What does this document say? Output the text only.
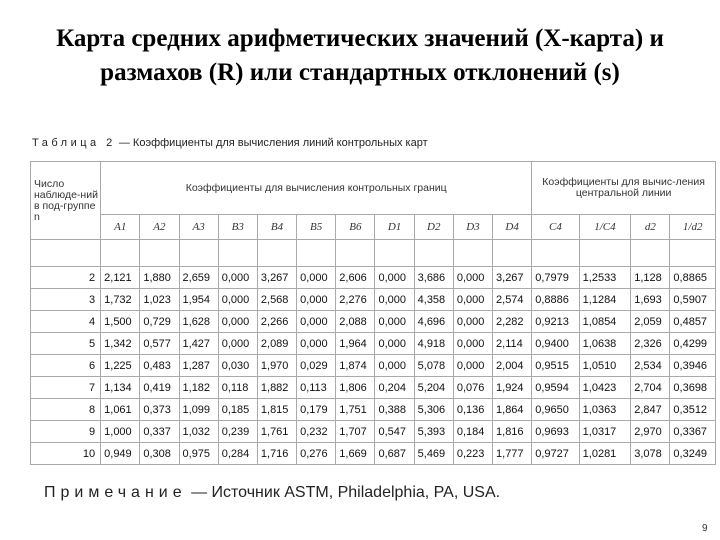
Карта средних арифметических значений (X-карта) и
размахов (R) или стандартных отклонений (s)
Таблица 2 — Коэффициенты для вычисления линий контрольных карт
Число наблюде-ний в под-группе n	Коэффициенты для вычисления контрольных границ											Коэффициенты для вычис-ления центральной линии			
	A1	A2	A3	B3	B4	B5	B6	D1	D2	D3	D4	C4	1/C4	d2	1/d2

2	2,121	1,880	2,659	0,000	3,267	0,000	2,606	0,000	3,686	0,000	3,267	0,7979	1,2533	1,128	0,8865
3	1,732	1,023	1,954	0,000	2,568	0,000	2,276	0,000	4,358	0,000	2,574	0,8886	1,1284	1,693	0,5907
4	1,500	0,729	1,628	0,000	2,266	0,000	2,088	0,000	4,696	0,000	2,282	0,9213	1,0854	2,059	0,4857
5	1,342	0,577	1,427	0,000	2,089	0,000	1,964	0,000	4,918	0,000	2,114	0,9400	1,0638	2,326	0,4299
6	1,225	0,483	1,287	0,030	1,970	0,029	1,874	0,000	5,078	0,000	2,004	0,9515	1,0510	2,534	0,3946
7	1,134	0,419	1,182	0,118	1,882	0,113	1,806	0,204	5,204	0,076	1,924	0,9594	1,0423	2,704	0,3698
8	1,061	0,373	1,099	0,185	1,815	0,179	1,751	0,388	5,306	0,136	1,864	0,9650	1,0363	2,847	0,3512
9	1,000	0,337	1,032	0,239	1,761	0,232	1,707	0,547	5,393	0,184	1,816	0,9693	1,0317	2,970	0,3367
10	0,949	0,308	0,975	0,284	1,716	0,276	1,669	0,687	5,469	0,223	1,777	0,9727	1,0281	3,078	0,3249
Примечание — Источник ASTM, Philadelphia, PA, USA.
9
